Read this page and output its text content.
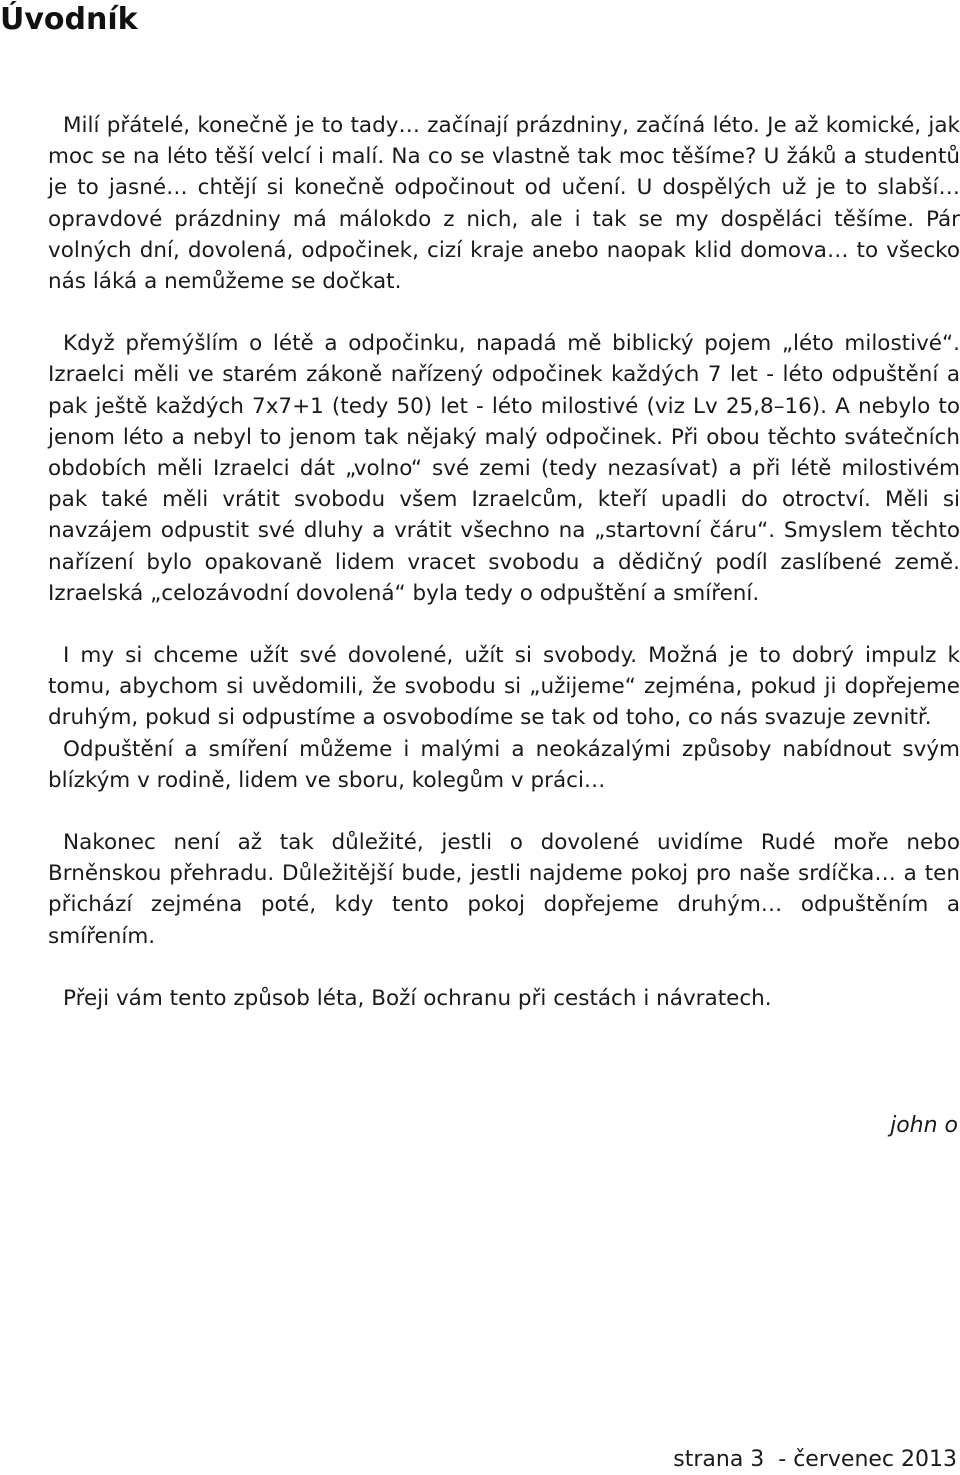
Úvodník

Milí přátelé, konečně je to tady… začínají prázdniny, začíná léto. Je až komické, jak moc se na léto těší velcí i malí. Na co se vlastně tak moc těšíme? U žáků a studentů je to jasné… chtějí si konečně odpočinout od učení. U dospělých už je to slabší… opravdové prázdniny má málokdo z nich, ale i tak se my dospěláci těšíme. Pár volných dní, dovolená, odpočinek, cizí kraje anebo naopak klid domova… to všecko nás láká a nemůžeme se dočkat.

Když přemýšlím o létě a odpočinku, napadá mě biblický pojem „léto milostivé“. Izraelci měli ve starém zákoně nařízený odpočinek každých 7 let - léto odpuštění a pak ještě každých 7x7+1 (tedy 50) let - léto milostivé (viz Lv 25,8–16). A nebylo to jenom léto a nebyl to jenom tak nějaký malý odpočinek. Při obou těchto svátečních obdobích měli Izraelci dát „volno“ své zemi (tedy nezasívat) a při létě milostivém pak také měli vrátit svobodu všem Izraelcům, kteří upadli do otroctví. Měli si navzájem odpustit své dluhy a vrátit všechno na „startovní čáru“. Smyslem těchto nařízení bylo opakovaně lidem vracet svobodu a dědičný podíl zaslíbené země. Izraelská „celozávodní dovolená“ byla tedy o odpuštění a smíření.

I my si chceme užít své dovolené, užít si svobody. Možná je to dobrý impulz k tomu, abychom si uvědomili, že svobodu si „užijeme“ zejména, pokud ji dopřejeme druhým, pokud si odpustíme a osvobodíme se tak od toho, co nás svazuje zevnitř.

Odpuštění a smíření můžeme i malými a neokázalými způsoby nabídnout svým blízkým v rodině, lidem ve sboru, kolegům v práci…

Nakonec není až tak důležité, jestli o dovolené uvidíme Rudé moře nebo Brněnskou přehradu. Důležitější bude, jestli najdeme pokoj pro naše srdíčka… a ten přichází zejména poté, kdy tento pokoj dopřejeme druhým… odpuštěním a smířením.

Přeji vám tento způsob léta, Boží ochranu při cestách i návratech.

john o
strana 3  - červenec 2013
